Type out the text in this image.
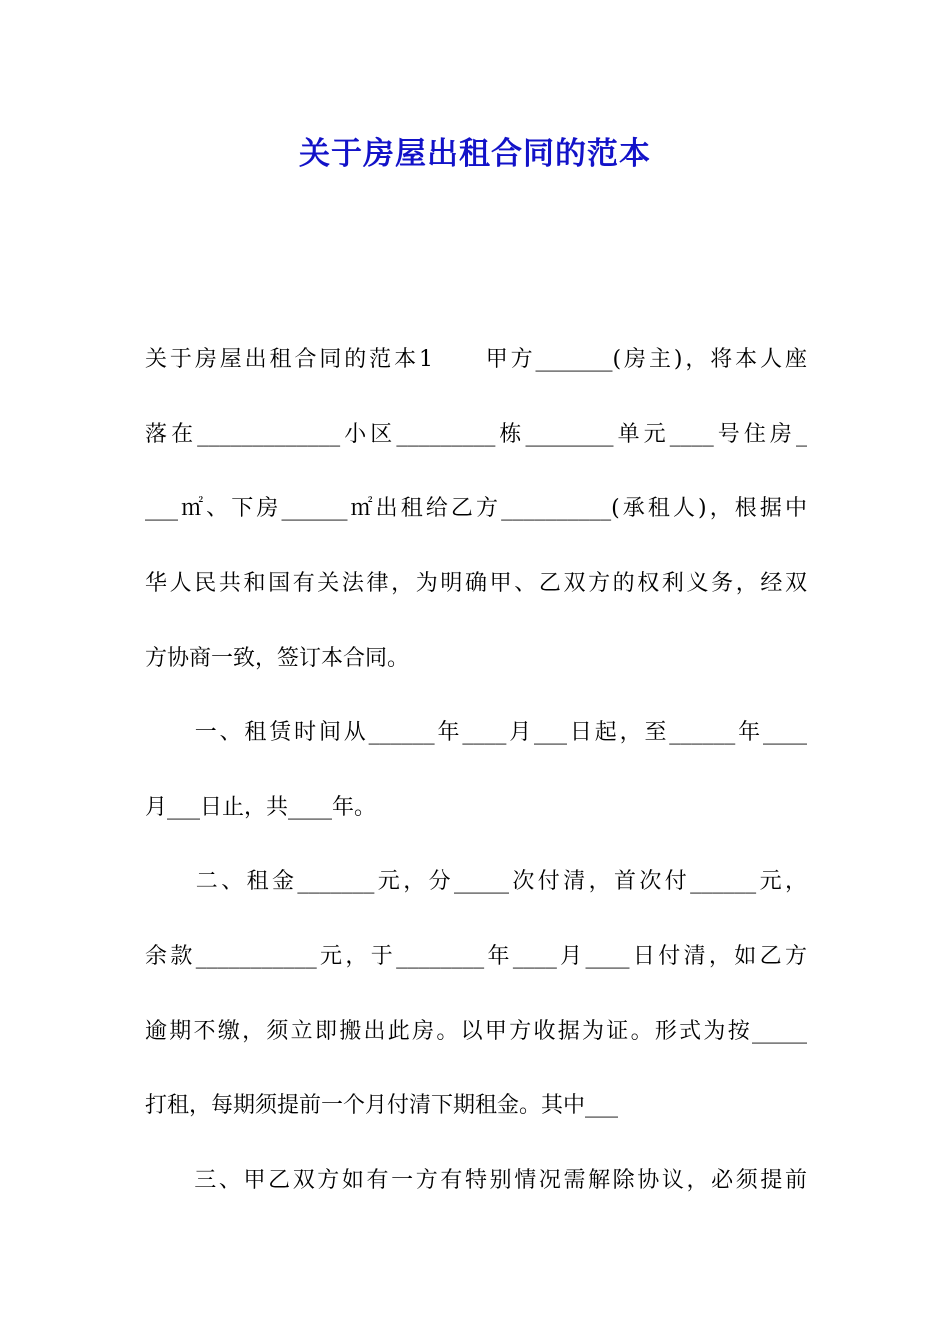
关于房屋出租合同的范本
关于房屋出租合同的范本1　　甲方_______(房主)，将本人座
落在_____________小区_________栋________单元____号住房_
___㎡、下房______㎡出租给乙方__________(承租人)，根据中
华人民共和国有关法律，为明确甲、乙双方的权利义务，经双
方协商一致，签订本合同。
　　一、租赁时间从______年____月___日起，至______年____
月___日止，共____年。
　　二、租金_______元，分_____次付清，首次付______元，
余款___________元，于________年____月____日付清，如乙方
逾期不缴，须立即搬出此房。以甲方收据为证。形式为按_____
打租，每期须提前一个月付清下期租金。其中___
　　三、甲乙双方如有一方有特别情况需解除协议，必须提前
